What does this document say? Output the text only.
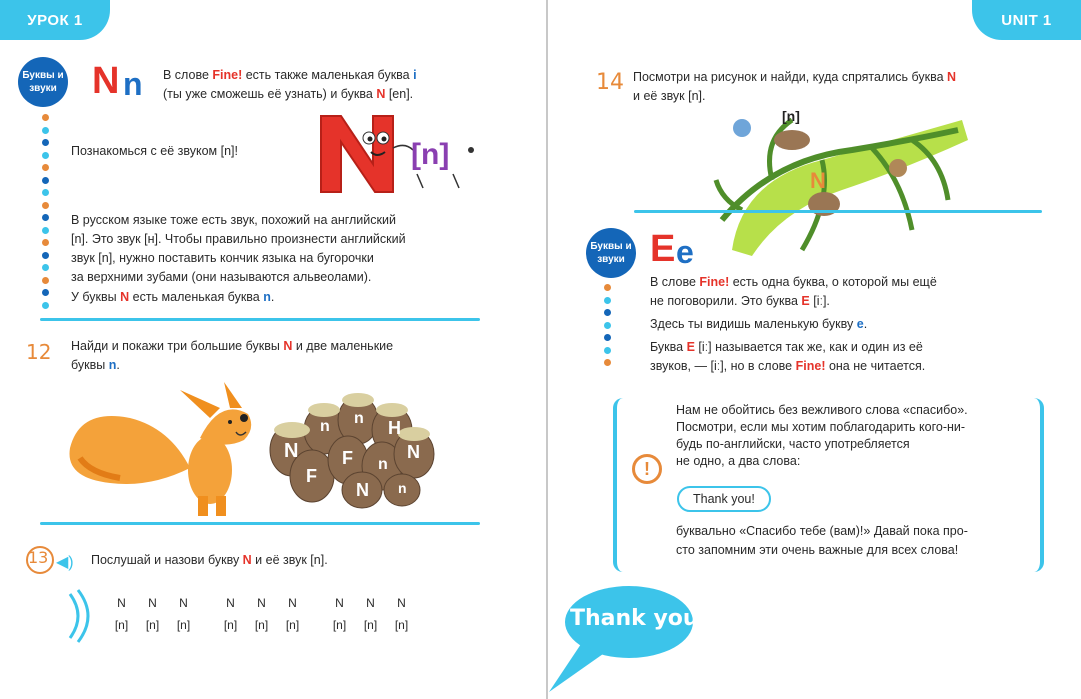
УРОК 1
Буквы и звуки N n В слове Fine! есть также маленькая буква i
(ты уже сможешь её узнать) и буква N [en].
Познакомься с её звуком [n]!	[n]
В русском языке тоже есть звук, похожий на английский
[n]. Это звук [н]. Чтобы правильно произнести английский
звук [n], нужно поставить кончик языка на бугорочки
за верхними зубами (они называются альвеолами).
У буквы N есть маленькая буква n.
12 Найди и покажи три большие буквы N и две маленькие
буквы n.
N
n	H
N
F n
F
n
N n
13 ◀) Послушай и назови букву N и её звук [n].
N	N	N		N	N	N		N	N	N
[n]	[n]	[n]		[n]	[n]	[n]		[n]	[n]	[n]
UNIT 1
14 Посмотри на рисунок и найди, куда спрятались буква N
и её звук [n].
[n]
N
Буквы и звуки E e
В слове Fine! есть одна буква, о которой мы ещё
не поговорили. Это буква E [iː].
Здесь ты видишь маленькую букву e.
Буква E [iː] называется так же, как и один из её
звуков, — [iː], но в слове Fine! она не читается.
!
Нам не обойтись без вежливого слова «спасибо».
Посмотри, если мы хотим поблагодарить кого-ни-
будь по-английски, часто употребляется
не одно, а два слова:
Thank you!
буквально «Спасибо тебе (вам)!» Давай пока про-
сто запомним эти очень важные для всех слова!
Thank you!
